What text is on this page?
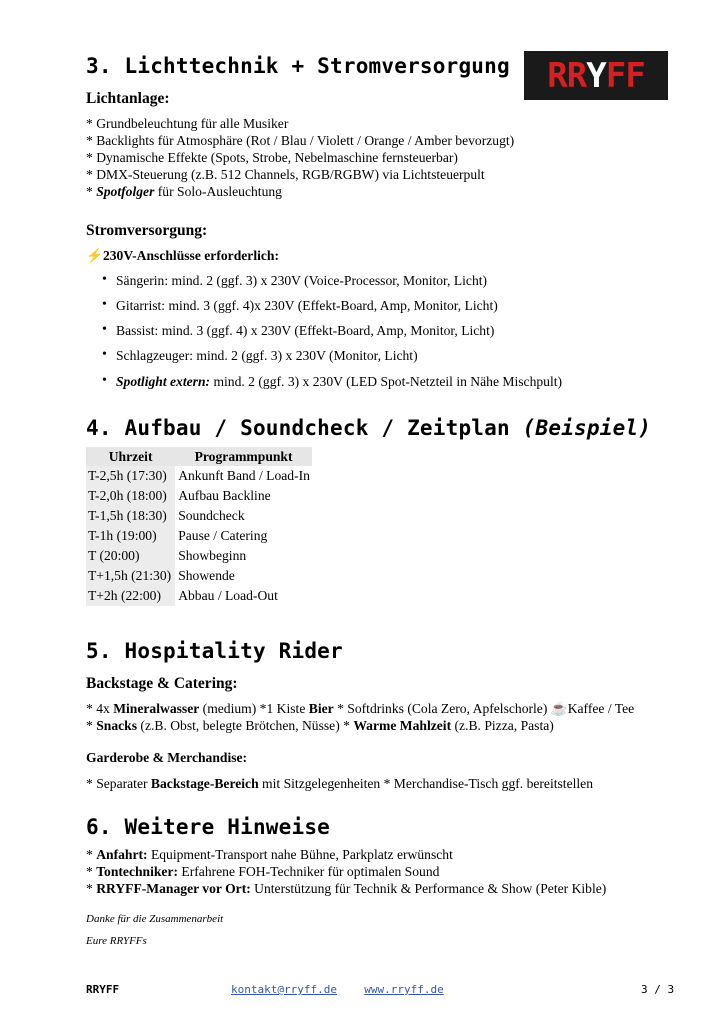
3. Lichttechnik + Stromversorgung RRYFF
Lichtanlage:
* Grundbeleuchtung für alle Musiker
* Backlights für Atmosphäre (Rot / Blau / Violett / Orange / Amber bevorzugt)
* Dynamische Effekte (Spots, Strobe, Nebelmaschine fernsteuerbar)
* DMX-Steuerung (z.B. 512 Channels, RGB/RGBW) via Lichtsteuerpult
* Spotfolger für Solo-Ausleuchtung
Stromversorgung:
⚡230V-Anschlüsse erforderlich:
• Sängerin: mind. 2 (ggf. 3) x 230V (Voice-Processor, Monitor, Licht)
• Gitarrist: mind. 3 (ggf. 4)x 230V (Effekt-Board, Amp, Monitor, Licht)
• Bassist: mind. 3 (ggf. 4) x 230V (Effekt-Board, Amp, Monitor, Licht)
• Schlagzeuger: mind. 2 (ggf. 3) x 230V (Monitor, Licht)
• Spotlight extern: mind. 2 (ggf. 3) x 230V (LED Spot-Netzteil in Nähe Mischpult)
4. Aufbau / Soundcheck / Zeitplan (Beispiel)
Uhrzeit	Programmpunkt
T-2,5h (17:30)	Ankunft Band / Load-In
T-2,0h (18:00)	Aufbau Backline
T-1,5h (18:30)	Soundcheck
T-1h (19:00)	Pause / Catering
T (20:00)	Showbeginn
T+1,5h (21:30)	Showende
T+2h (22:00)	Abbau / Load-Out
5. Hospitality Rider
Backstage & Catering:
* 4x Mineralwasser (medium) *1 Kiste Bier * Softdrinks (Cola Zero, Apfelschorle) ☕Kaffee / Tee
* Snacks (z.B. Obst, belegte Brötchen, Nüsse) * Warme Mahlzeit (z.B. Pizza, Pasta)
Garderobe & Merchandise:
* Separater Backstage-Bereich mit Sitzgelegenheiten * Merchandise-Tisch ggf. bereitstellen
6. Weitere Hinweise
* Anfahrt: Equipment-Transport nahe Bühne, Parkplatz erwünscht
* Tontechniker: Erfahrene FOH-Techniker für optimalen Sound
* RRYFF-Manager vor Ort: Unterstützung für Technik & Performance & Show (Peter Kible)
Danke für die Zusammenarbeit
Eure RRYFFs
RRYFF	kontakt@rryff.de www.rryff.de	3 / 3
